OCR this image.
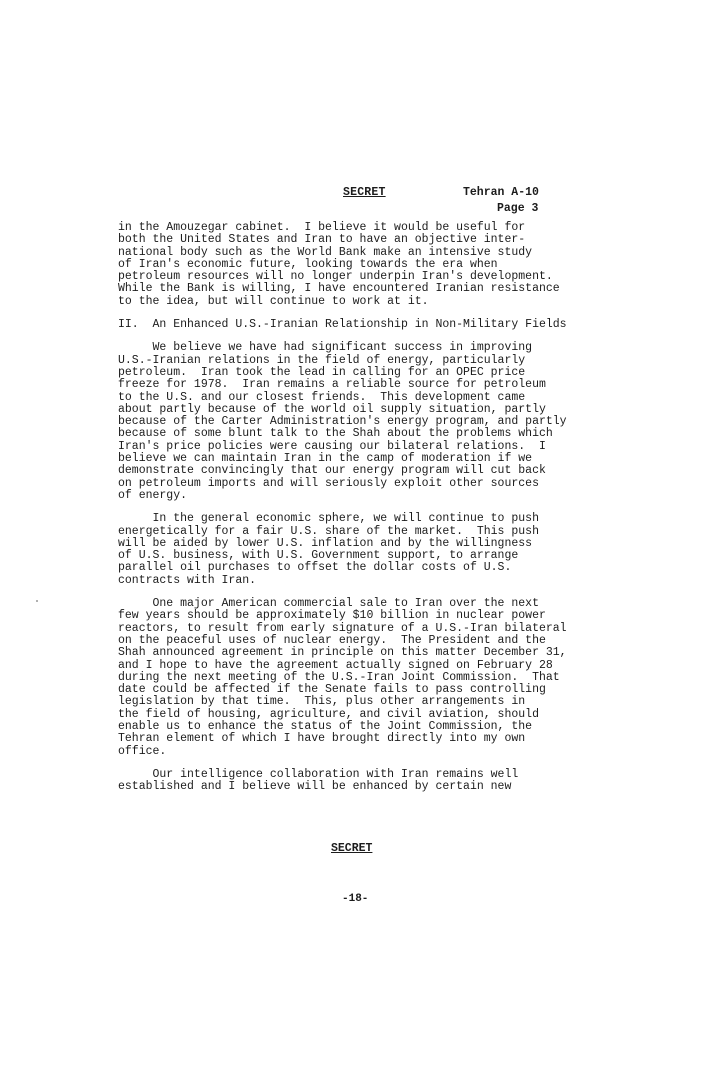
SECRET	Tehran A-10
Page 3
in the Amouzegar cabinet.  I believe it would be useful for
both the United States and Iran to have an objective inter-
national body such as the World Bank make an intensive study
of Iran's economic future, looking towards the era when
petroleum resources will no longer underpin Iran's development.
While the Bank is willing, I have encountered Iranian resistance
to the idea, but will continue to work at it.
II.  An Enhanced U.S.-Iranian Relationship in Non-Military Fields
We believe we have had significant success in improving
U.S.-Iranian relations in the field of energy, particularly
petroleum.  Iran took the lead in calling for an OPEC price
freeze for 1978.  Iran remains a reliable source for petroleum
to the U.S. and our closest friends.  This development came
about partly because of the world oil supply situation, partly
because of the Carter Administration's energy program, and partly
because of some blunt talk to the Shah about the problems which
Iran's price policies were causing our bilateral relations.  I
believe we can maintain Iran in the camp of moderation if we
demonstrate convincingly that our energy program will cut back
on petroleum imports and will seriously exploit other sources
of energy.
In the general economic sphere, we will continue to push
energetically for a fair U.S. share of the market.  This push
will be aided by lower U.S. inflation and by the willingness
of U.S. business, with U.S. Government support, to arrange
parallel oil purchases to offset the dollar costs of U.S.
contracts with Iran.
One major American commercial sale to Iran over the next
few years should be approximately $10 billion in nuclear power
reactors, to result from early signature of a U.S.-Iran bilateral
on the peaceful uses of nuclear energy.  The President and the
Shah announced agreement in principle on this matter December 31,
and I hope to have the agreement actually signed on February 28
during the next meeting of the U.S.-Iran Joint Commission.  That
date could be affected if the Senate fails to pass controlling
legislation by that time.  This, plus other arrangements in
the field of housing, agriculture, and civil aviation, should
enable us to enhance the status of the Joint Commission, the
Tehran element of which I have brought directly into my own
office.
Our intelligence collaboration with Iran remains well
established and I believe will be enhanced by certain new
SECRET
-18-
